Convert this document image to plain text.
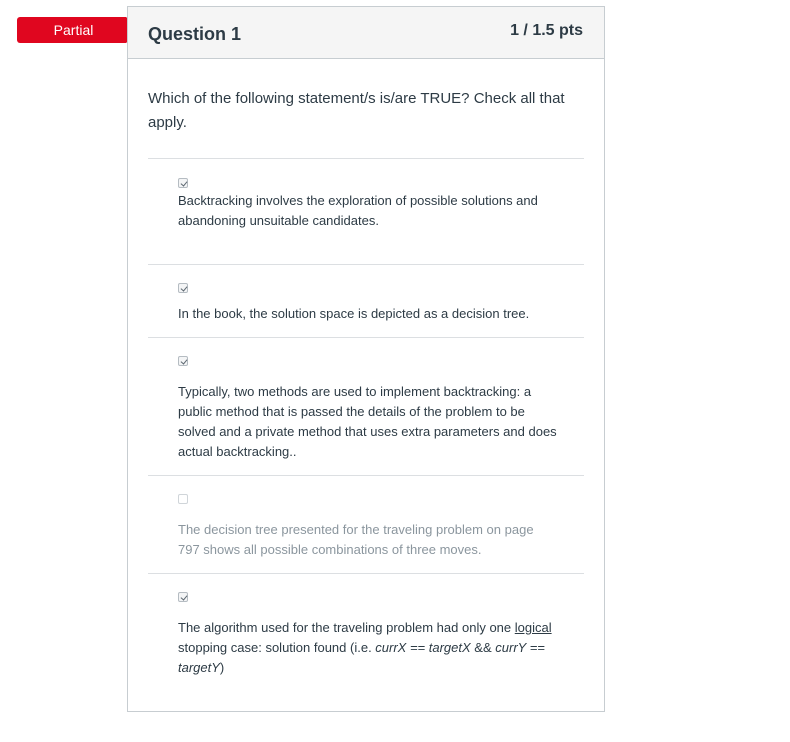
Partial	Question 1	1 / 1.5 pts
Which of the following statement/s is/are TRUE? Check all that apply.
Backtracking involves the exploration of possible solutions and abandoning unsuitable candidates.
In the book, the solution space is depicted as a decision tree.
Typically, two methods are used to implement backtracking: a public method that is passed the details of the problem to be solved and a private method that uses extra parameters and does actual backtracking..
The decision tree presented for the traveling problem on page 797 shows all possible combinations of three moves.
The algorithm used for the traveling problem had only one logical stopping case: solution found (i.e. currX == targetX && currY == targetY)
